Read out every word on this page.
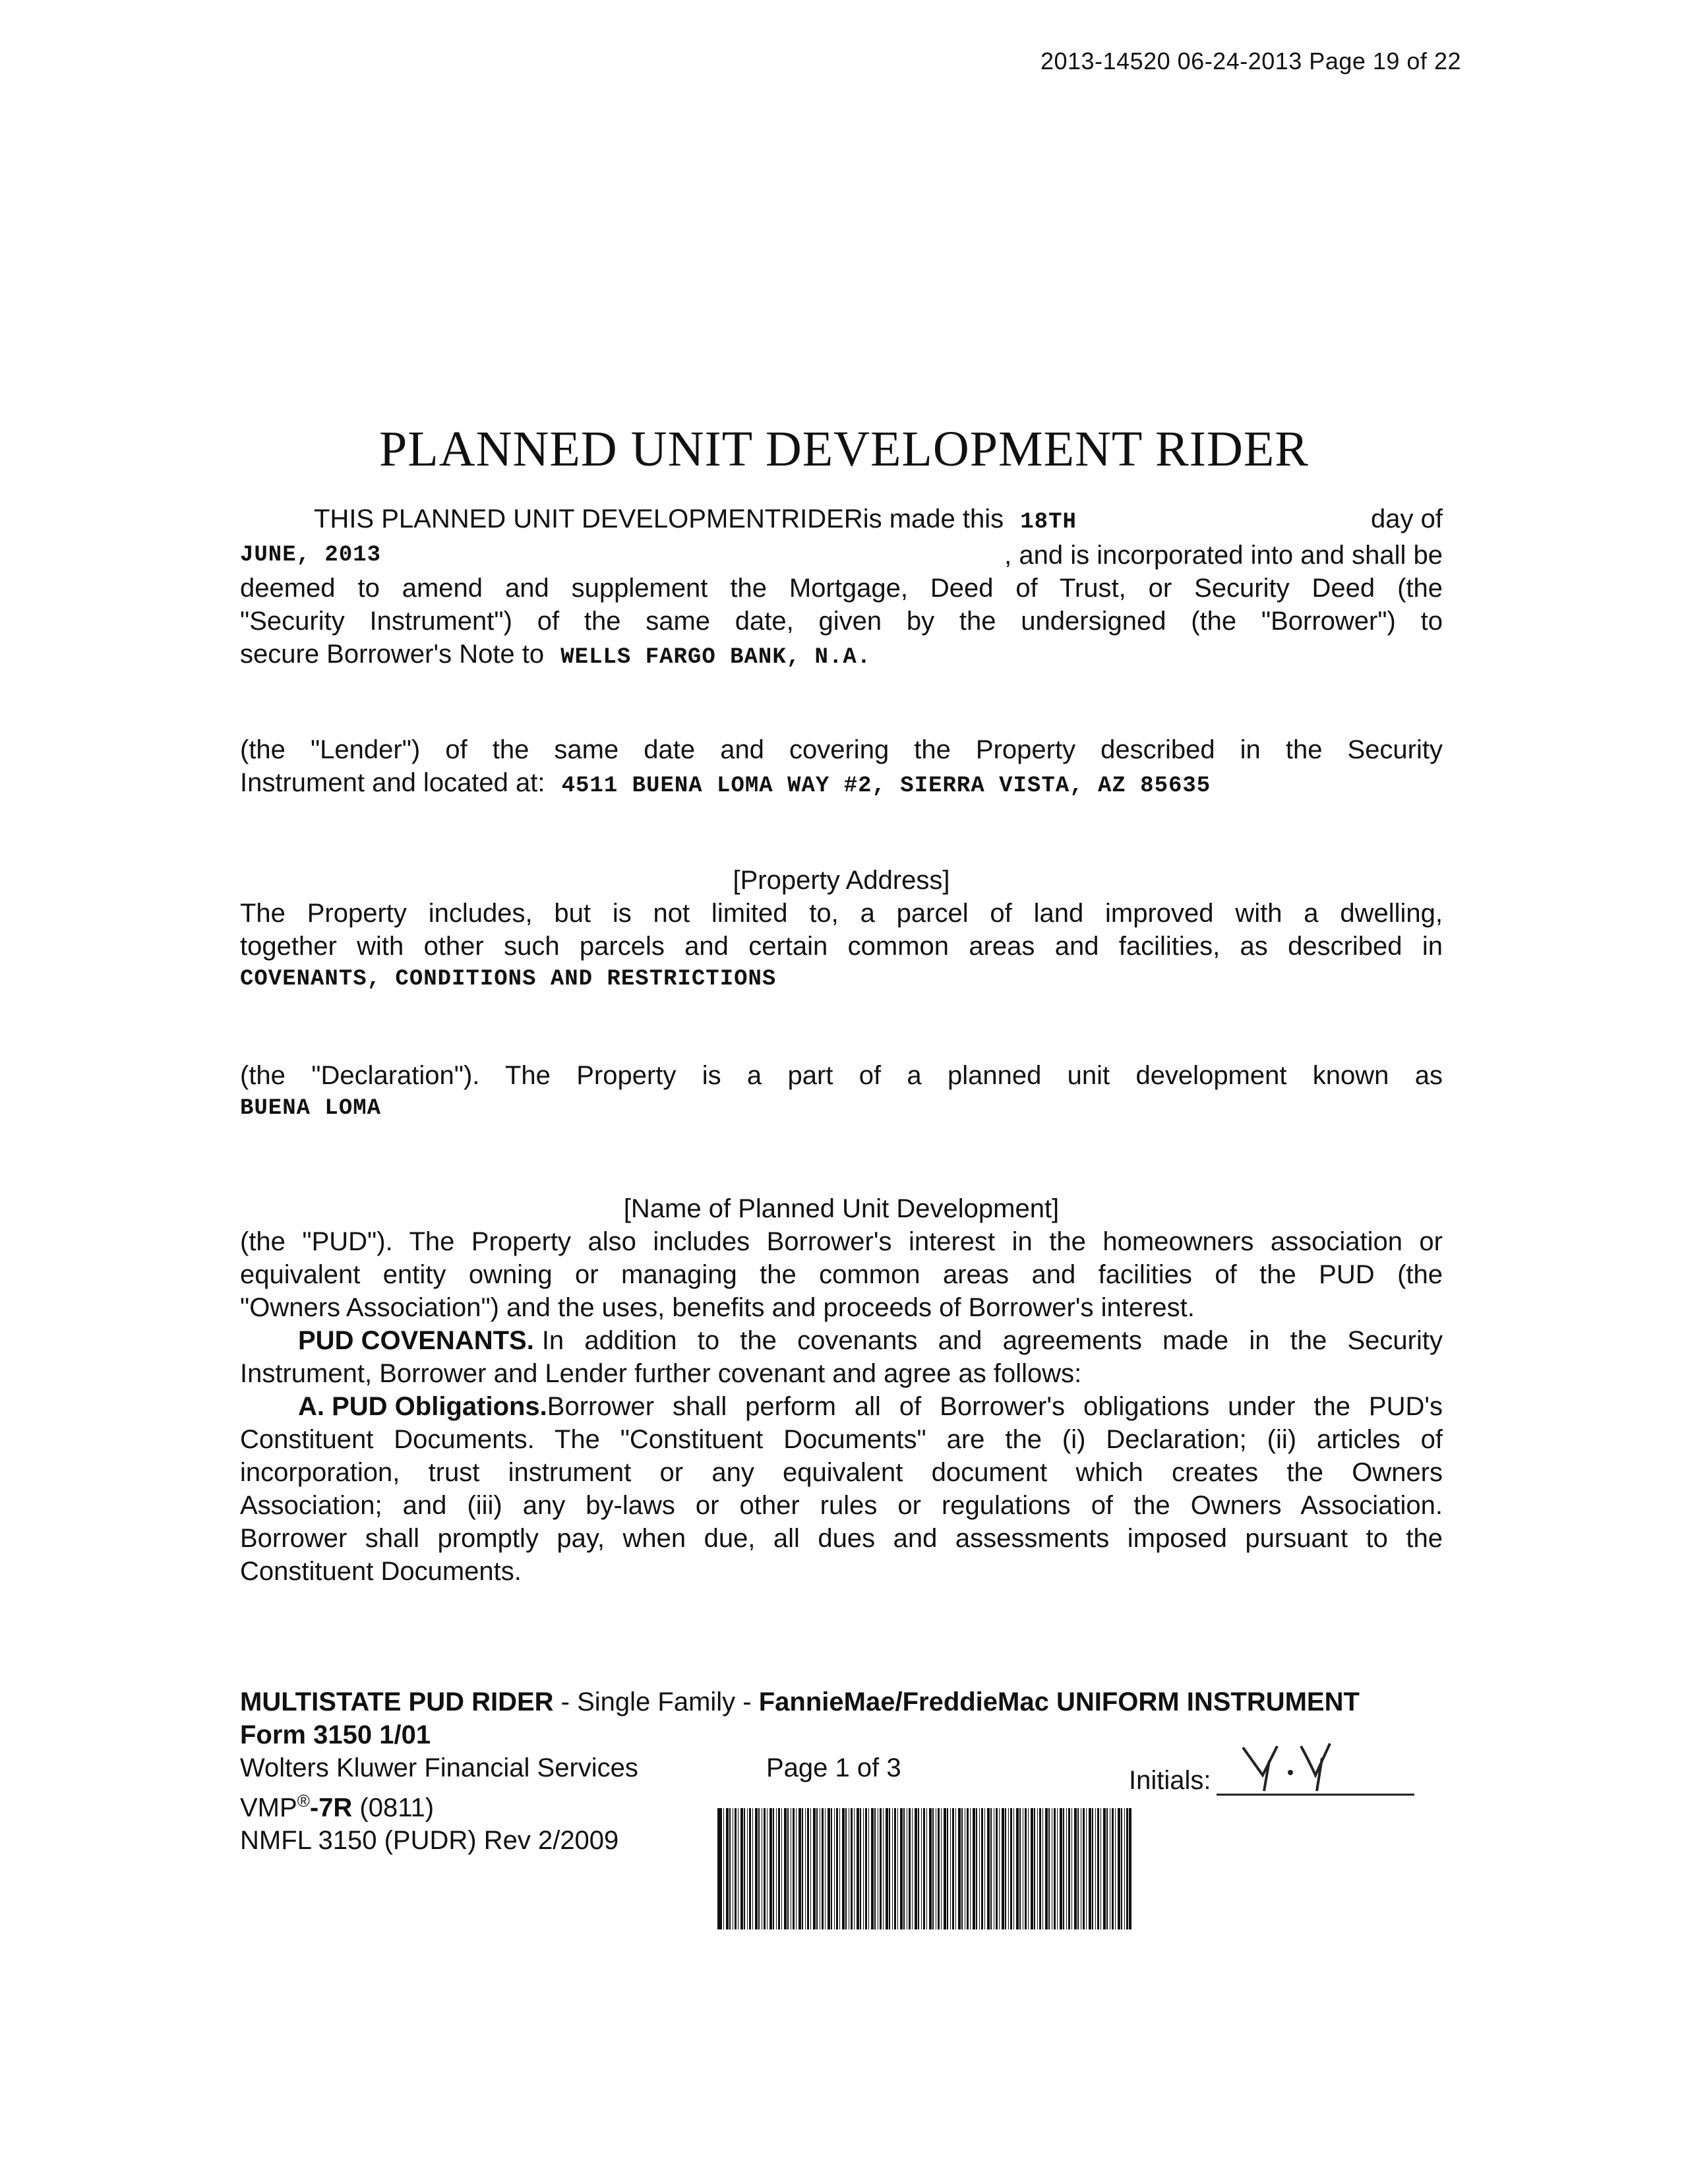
2013-14520 06-24-2013 Page 19 of 22
PLANNED UNIT DEVELOPMENT RIDER
THIS PLANNED UNIT DEVELOPMENTRIDERis made this 18TH	day of
JUNE, 2013	, and is incorporated into and shall be
deemed to amend and supplement the Mortgage, Deed of Trust, or Security Deed (the
"Security Instrument") of the same date, given by the undersigned (the "Borrower") to
secure Borrower's Note to WELLS FARGO BANK, N.A.
(the "Lender") of the same date and covering the Property described in the Security
Instrument and located at: 4511 BUENA LOMA WAY #2, SIERRA VISTA, AZ 85635
[Property Address]
The Property includes, but is not limited to, a parcel of land improved with a dwelling,
together with other such parcels and certain common areas and facilities, as described in
COVENANTS, CONDITIONS AND RESTRICTIONS
(the "Declaration"). The Property is a part of a planned unit development known as
BUENA LOMA
[Name of Planned Unit Development]
(the "PUD"). The Property also includes Borrower's interest in the homeowners association or
equivalent entity owning or managing the common areas and facilities of the PUD (the
"Owners Association") and the uses, benefits and proceeds of Borrower's interest.
PUD COVENANTS. In addition to the covenants and agreements made in the Security
Instrument, Borrower and Lender further covenant and agree as follows:
A. PUD Obligations. Borrower shall perform all of Borrower's obligations under the PUD's
Constituent Documents. The "Constituent Documents" are the (i) Declaration; (ii) articles of
incorporation, trust instrument or any equivalent document which creates the Owners
Association; and (iii) any by-laws or other rules or regulations of the Owners Association.
Borrower shall promptly pay, when due, all dues and assessments imposed pursuant to the
Constituent Documents.
MULTISTATE PUD RIDER - Single Family - FannieMae/FreddieMac UNIFORM INSTRUMENT
Form 3150 1/01
Wolters Kluwer Financial Services	Page 1 of 3
VMP®-7R (0811)
NMFL 3150 (PUDR) Rev 2/2009
Initials:
